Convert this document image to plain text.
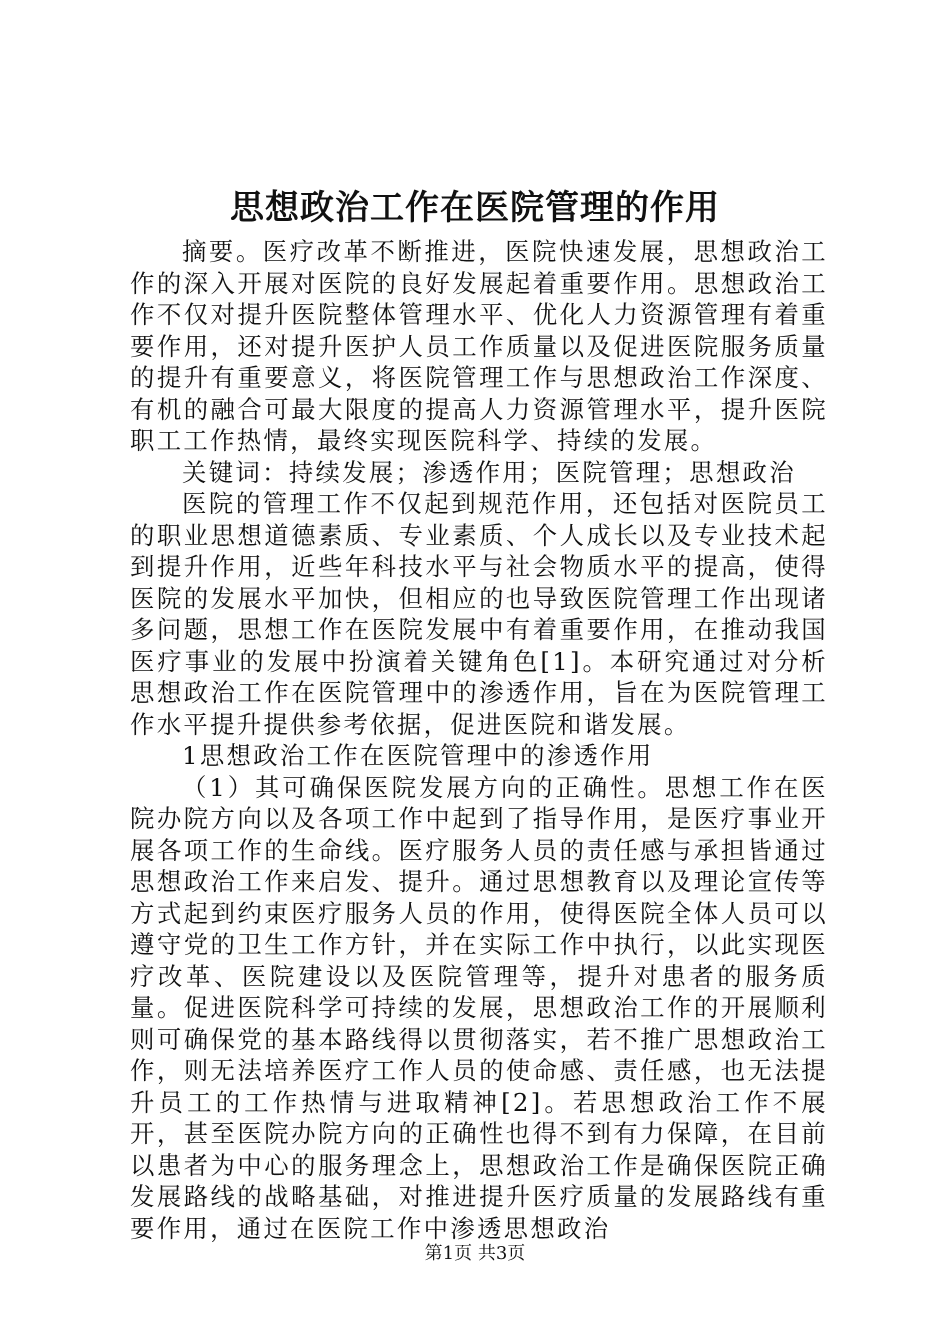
思想政治工作在医院管理的作用

摘要。医疗改革不断推进，医院快速发展，思想政治工作的深入开展对医院的良好发展起着重要作用。思想政治工作不仅对提升医院整体管理水平、优化人力资源管理有着重要作用，还对提升医护人员工作质量以及促进医院服务质量的提升有重要意义，将医院管理工作与思想政治工作深度、有机的融合可最大限度的提高人力资源管理水平，提升医院职工工作热情，最终实现医院科学、持续的发展。

关键词：持续发展；渗透作用；医院管理；思想政治

医院的管理工作不仅起到规范作用，还包括对医院员工的职业思想道德素质、专业素质、个人成长以及专业技术起到提升作用，近些年科技水平与社会物质水平的提高，使得医院的发展水平加快，但相应的也导致医院管理工作出现诸多问题，思想工作在医院发展中有着重要作用，在推动我国医疗事业的发展中扮演着关键角色[1]。本研究通过对分析思想政治工作在医院管理中的渗透作用，旨在为医院管理工作水平提升提供参考依据，促进医院和谐发展。

1思想政治工作在医院管理中的渗透作用

（1）其可确保医院发展方向的正确性。思想工作在医院办院方向以及各项工作中起到了指导作用，是医疗事业开展各项工作的生命线。医疗服务人员的责任感与承担皆通过思想政治工作来启发、提升。通过思想教育以及理论宣传等方式起到约束医疗服务人员的作用，使得医院全体人员可以遵守党的卫生工作方针，并在实际工作中执行，以此实现医疗改革、医院建设以及医院管理等，提升对患者的服务质量。促进医院科学可持续的发展，思想政治工作的开展顺利则可确保党的基本路线得以贯彻落实，若不推广思想政治工作，则无法培养医疗工作人员的使命感、责任感，也无法提升员工的工作热情与进取精神[2]。若思想政治工作不展开，甚至医院办院方向的正确性也得不到有力保障，在目前以患者为中心的服务理念上，思想政治工作是确保医院正确发展路线的战略基础，对推进提升医疗质量的发展路线有重要作用，通过在医院工作中渗透思想政治

第1页 共3页
